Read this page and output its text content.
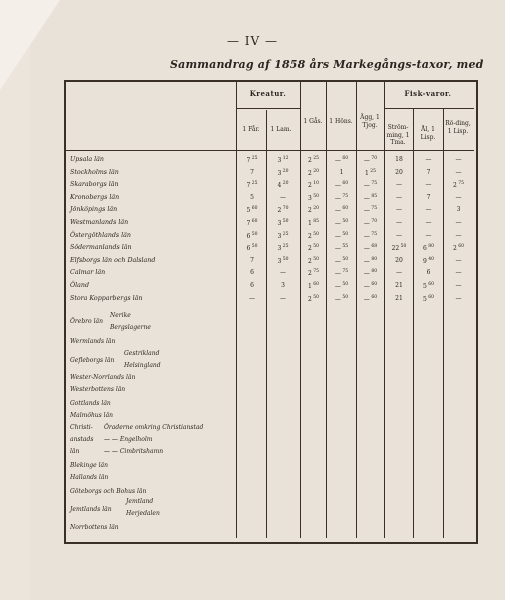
— IV —
Sammandrag af 1858 års Markegångs-taxor, med
Kreatur.	Fisk-varor.
1 Får.	1 Lam.
1 Gås.	1 Höns.
Ägg, 1 Tjog.	Ström-ming, 1 Tma.
Ål, 1 Lisp.
Rö-ding, 1 Lisp.
Upsala län	7 $^{25}$	3 $^{12}$	2 $^{25}$	— $^{60}$	— $^{70}$	18	—	—
Stockholms län	7	3 $^{20}$	2 $^{20}$	1	1 $^{25}$	20	7	—
Skaraborgs län	7 $^{25}$	4 $^{20}$	2 $^{10}$	— $^{60}$	— $^{75}$	—	—	2 $^{75}$
Kronobergs län	5	—	3 $^{50}$	— $^{75}$	— $^{85}$	—	7	—
Jönköpings län	5 $^{60}$	2 $^{70}$	2 $^{20}$	— $^{60}$	— $^{75}$	—	—	3
Westmanlands län	7 $^{60}$	3 $^{50}$	1 $^{85}$	— $^{50}$	— $^{70}$	—	—	—
Östergöthlands län	6 $^{50}$	3 $^{25}$	2 $^{50}$	— $^{50}$	— $^{75}$	—	—	—
Södermanlands län	6 $^{50}$	3 $^{25}$	2 $^{50}$	— $^{55}$	— $^{68}$	22 $^{50}$	6 $^{80}$	2 $^{60}$
Elfsborgs län och Dalsland	7	3 $^{50}$	2 $^{50}$	— $^{50}$	— $^{80}$	20	9 $^{40}$	—
Calmar län	6	—	2 $^{75}$	— $^{75}$	— $^{80}$	—	6	—
Öland	6	3	1 $^{60}$	— $^{50}$	— $^{60}$	21	5 $^{60}$	—
Stora Kopparbergs län	—	—	2 $^{50}$	— $^{50}$	— $^{60}$	21	5 $^{60}$	—
Örebro län
Nerike
Bergslagerne
Wermlands län
Gefleborgs län
Gestrikland
Helsingland
Wester-Norrlands län
Westerbottens län
Gottlands län
Malmöhus län
Christi-
anstads
län
Öraderne omkring Christianstad
— — Engelholm
— — Cimbritshamn
Blekinge län
Hallands län
Göteborgs och Bohus län
Jemtlands län
Jemtland
Herjedalen
Norrbottens län
